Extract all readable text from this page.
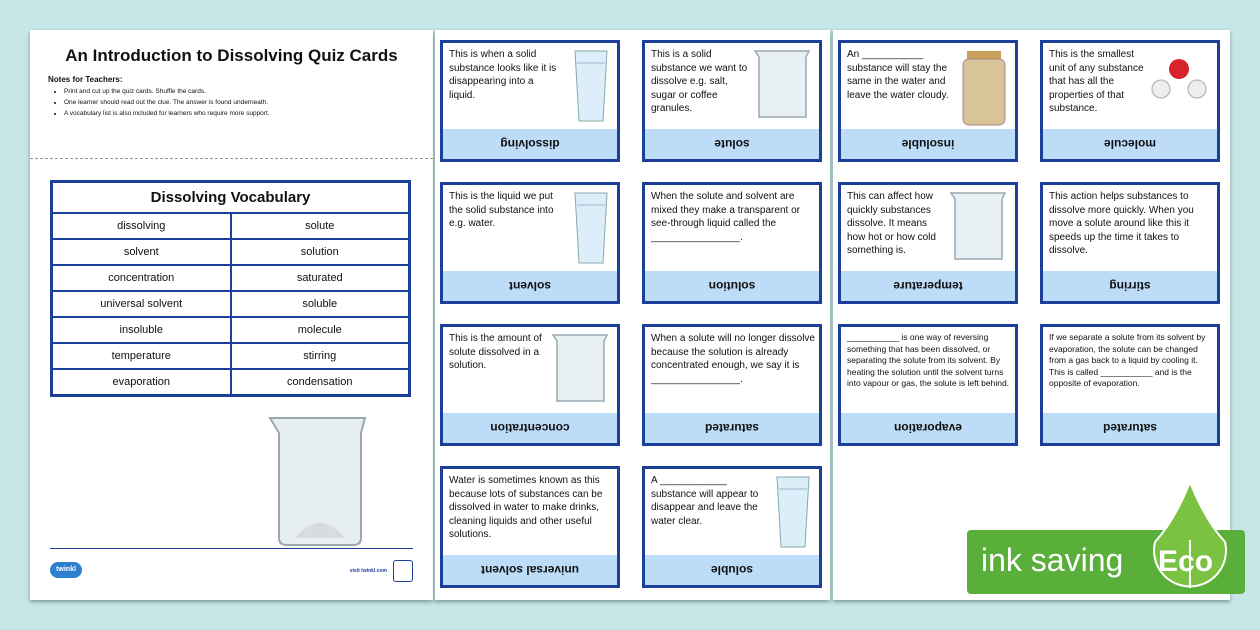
An Introduction to Dissolving Quiz Cards
Notes for Teachers:
• Print and cut up the quiz cards. Shuffle the cards.
• One learner should read out the clue. The answer is found underneath.
• A vocabulary list is also included for learners who require more support.
Dissolving Vocabulary
dissolving	solute
solvent	solution
concentration	saturated
universal solvent	soluble
insoluble	molecule
temperature	stirring
evaporation	condensation
twinkl	visit twinkl.com
This is when a solid substance looks like it is disappearing into a liquid.
dissolving
This is a solid substance we want to dissolve e.g. salt, sugar or coffee granules.
solute
An ___________ substance will stay the same in the water and leave the water cloudy.
insoluble
This is the smallest unit of any substance that has all the properties of that substance.
molecule
This is the liquid we put the solid substance into e.g. water.
solvent
When the solute and solvent are mixed they make a transparent or see-through liquid called the ________________.
solution
This can affect how quickly substances dissolve. It means how hot or how cold something is.
temperature
This action helps substances to dissolve more quickly. When you move a solute around like this it speeds up the time it takes to dissolve.
stirring
This is the amount of solute dissolved in a solution.
concentration
When a solute will no longer dissolve because the solution is already concentrated enough, we say it is ________________.
saturated
___________ is one way of reversing something that has been dissolved, or separating the solute from its solvent. By heating the solution until the solvent turns into vapour or gas, the solute is left behind.
evaporation
If we separate a solute from its solvent by evaporation, the solute can be changed from a gas back to a liquid by cooling it. This is called ___________ and is the opposite of evaporation.
saturated
Water is sometimes known as this because lots of substances can be dissolved in water to make drinks, cleaning liquids and other useful solutions.
universal solvent
A ____________ substance will appear to disappear and leave the water clear.
soluble	ink saving Eco
